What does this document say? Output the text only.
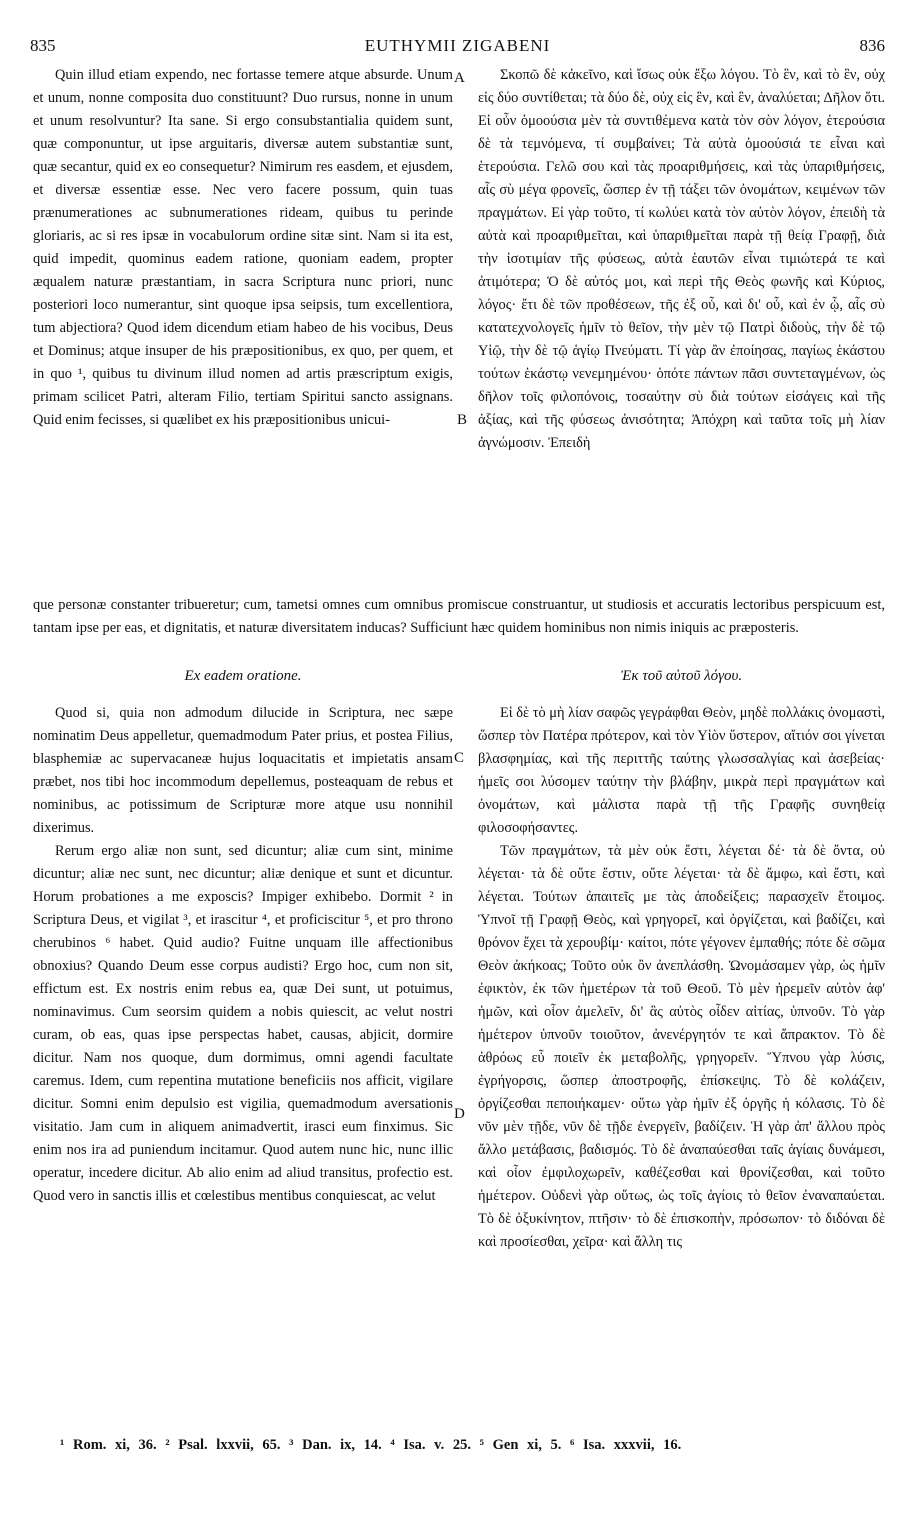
835	EUTHYMII ZIGABENI	836
A
B
C
D

Quin illud etiam expendo, nec fortasse temere atque absurde. Unum et unum, nonne composita duo constituunt? Duo rursus, nonne in unum et unum resolvuntur? Ita sane. Si ergo consubstantialia quidem sunt, quæ componuntur, ut ipse arguitaris, diversæ autem substantiæ sunt, quæ secantur, quid ex eo consequetur? Nimirum res easdem, et ejusdem, et diversæ essentiæ esse. Nec vero facere possum, quin tuas prænumerationes ac subnumerationes rideam, quibus tu perinde gloriaris, ac si res ipsæ in vocabulorum ordine sitæ sint. Nam si ita est, quid impedit, quominus eadem ratione, quoniam eadem, propter æqualem naturæ præstantiam, in sacra Scriptura nunc priori, nunc posteriori loco numerantur, sint quoque ipsa seipsis, tum excellentiora, tum abjectiora? Quod idem dicendum etiam habeo de his vocibus, Deus et Dominus; atque insuper de his præpositionibus, ex quo, per quem, et in quo ¹, quibus tu divinum illud nomen ad artis præscriptum exigis, primam scilicet Patri, alteram Filio, tertiam Spiritui sancto assignans. Quid enim fecisses, si quælibet ex his præpositionibus unicui-

Σκοπῶ δὲ κἀκεῖνο, καὶ ἴσως οὐκ ἔξω λόγου. Τὸ ἓν, καὶ τὸ ἓν, οὐχ εἰς δύο συντίθεται; τὰ δύο δὲ, οὐχ εἰς ἓν, καὶ ἓν, ἀναλύεται; Δῆλον ὅτι. Εἰ οὖν ὁμοούσια μὲν τὰ συντιθέμενα κατὰ τὸν σὸν λόγον, ἑτερούσια δὲ τὰ τεμνόμενα, τί συμβαίνει; Τὰ αὐτὰ ὁμοούσιά τε εἶναι καὶ ἑτερούσια. Γελῶ σου καὶ τὰς προαριθμήσεις, καὶ τὰς ὑπαριθμήσεις, αἷς σὺ μέγα φρονεῖς, ὥσπερ ἐν τῇ τάξει τῶν ὀνομάτων, κειμένων τῶν πραγμάτων. Εἰ γὰρ τοῦτο, τί κωλύει κατὰ τὸν αὐτὸν λόγον, ἐπειδὴ τὰ αὐτὰ καὶ προαριθμεῖται, καὶ ὑπαριθμεῖται παρὰ τῇ θείᾳ Γραφῇ, διὰ τὴν ἰσοτιμίαν τῆς φύσεως, αὐτὰ ἑαυτῶν εἶναι τιμιώτερά τε καὶ ἀτιμότερα; Ὁ δὲ αὐτός μοι, καὶ περὶ τῆς Θεὸς φωνῆς καὶ Κύριος, λόγος· ἔτι δὲ τῶν προθέσεων, τῆς ἐξ οὗ, καὶ δι' οὗ, καὶ ἐν ᾧ, αἷς σὺ κατατεχνολογεῖς ἡμῖν τὸ θεῖον, τὴν μὲν τῷ Πατρὶ διδοὺς, τὴν δὲ τῷ Υἱῷ, τὴν δὲ τῷ ἁγίῳ Πνεύματι. Τί γὰρ ἂν ἐποίησας, παγίως ἑκάστου τούτων ἑκάστῳ νενεμημένου· ὁπότε πάντων πᾶσι συντεταγμένων, ὡς δῆλον τοῖς φιλοπόνοις, τοσαύτην σὺ διὰ τούτων εἰσάγεις καὶ τῆς ἀξίας, καὶ τῆς φύσεως ἀνισότητα; Ἀπόχρη καὶ ταῦτα τοῖς μὴ λίαν ἀγνώμοσιν. Ἐπειδὴ

que personæ constanter tribueretur; cum, tametsi omnes cum omnibus promiscue construantur, ut studiosis et accuratis lectoribus perspicuum est, tantam ipse per eas, et dignitatis, et naturæ diversitatem inducas? Sufficiunt hæc quidem hominibus non nimis iniquis ac præposteris.
Ex eadem oratione.	Ἐκ τοῦ αὐτοῦ λόγου.

Quod si, quia non admodum dilucide in Scriptura, nec sæpe nominatim Deus appelletur, quemadmodum Pater prius, et postea Filius, blasphemiæ ac supervacaneæ hujus loquacitatis et impietatis ansam præbet, nos tibi hoc incommodum depellemus, posteaquam de rebus et nominibus, ac potissimum de Scripturæ more atque usu nonnihil dixerimus.

Rerum ergo aliæ non sunt, sed dicuntur; aliæ cum sint, minime dicuntur; aliæ nec sunt, nec dicuntur; aliæ denique et sunt et dicuntur. Horum probationes a me exposcis? Impiger exhibebo. Dormit ² in Scriptura Deus, et vigilat ³, et irascitur ⁴, et proficiscitur ⁵, et pro throno cherubinos ⁶ habet. Quid audio? Fuitne unquam ille affectionibus obnoxius? Quando Deum esse corpus audisti? Ergo hoc, cum non sit, effictum est. Ex nostris enim rebus ea, quæ Dei sunt, ut potuimus, nominavimus. Cum seorsim quidem a nobis quiescit, ac velut nostri curam, ob eas, quas ipse perspectas habet, causas, abjicit, dormire dicitur. Nam nos quoque, dum dormimus, omni agendi facultate caremus. Idem, cum repentina mutatione beneficiis nos afficit, vigilare dicitur. Somni enim depulsio est vigilia, quemadmodum aversationis visitatio. Jam cum in aliquem animadvertit, irasci eum finximus. Sic enim nos ira ad puniendum incitamur. Quod autem nunc hic, nunc illic operatur, incedere dicitur. Ab alio enim ad aliud transitus, profectio est. Quod vero in sanctis illis et cœlestibus mentibus conquiescat, ac velut

Εἰ δὲ τὸ μὴ λίαν σαφῶς γεγράφθαι Θεὸν, μηδὲ πολλάκις ὀνομαστὶ, ὥσπερ τὸν Πατέρα πρότερον, καὶ τὸν Υἱὸν ὕστερον, αἴτιόν σοι γίνεται βλασφημίας, καὶ τῆς περιττῆς ταύτης γλωσσαλγίας καὶ ἀσεβείας· ἡμεῖς σοι λύσομεν ταύτην τὴν βλάβην, μικρὰ περὶ πραγμάτων καὶ ὀνομάτων, καὶ μάλιστα παρὰ τῇ τῆς Γραφῆς συνηθείᾳ φιλοσοφήσαντες.

Τῶν πραγμάτων, τὰ μὲν οὐκ ἔστι, λέγεται δέ· τὰ δὲ ὄντα, οὐ λέγεται· τὰ δὲ οὔτε ἔστιν, οὔτε λέγεται· τὰ δὲ ἄμφω, καὶ ἔστι, καὶ λέγεται. Τούτων ἀπαιτεῖς με τὰς ἀποδείξεις; παρασχεῖν ἕτοιμος. Ὑπνοῖ τῇ Γραφῇ Θεὸς, καὶ γρηγορεῖ, καὶ ὀργίζεται, καὶ βαδίζει, καὶ θρόνον ἔχει τὰ χερουβίμ· καίτοι, πότε γέγονεν ἐμπαθής; πότε δὲ σῶμα Θεὸν ἀκήκοας; Τοῦτο οὐκ ὂν ἀνεπλάσθη. Ὠνομάσαμεν γὰρ, ὡς ἡμῖν ἐφικτὸν, ἐκ τῶν ἡμετέρων τὰ τοῦ Θεοῦ. Τὸ μὲν ἠρεμεῖν αὐτὸν ἀφ' ἡμῶν, καὶ οἷον ἀμελεῖν, δι' ἃς αὐτὸς οἶδεν αἰτίας, ὑπνοῦν. Τὸ γὰρ ἡμέτερον ὑπνοῦν τοιοῦτον, ἀνενέργητόν τε καὶ ἄπρακτον. Τὸ δὲ ἀθρόως εὖ ποιεῖν ἐκ μεταβολῆς, γρηγορεῖν. Ὕπνου γὰρ λύσις, ἐγρήγορσις, ὥσπερ ἀποστροφῆς, ἐπίσκεψις. Τὸ δὲ κολάζειν, ὀργίζεσθαι πεποιήκαμεν· οὕτω γὰρ ἡμῖν ἐξ ὀργῆς ἡ κόλασις. Τὸ δὲ νῦν μὲν τῇδε, νῦν δὲ τῇδε ἐνεργεῖν, βαδίζειν. Ἡ γὰρ ἀπ' ἄλλου πρὸς ἄλλο μετάβασις, βαδισμός. Τὸ δὲ ἀναπαύεσθαι ταῖς ἁγίαις δυνάμεσι, καὶ οἷον ἐμφιλοχωρεῖν, καθέζεσθαι καὶ θρονίζεσθαι, καὶ τοῦτο ἡμέτερον. Οὐδενὶ γὰρ οὕτως, ὡς τοῖς ἁγίοις τὸ θεῖον ἐναναπαύεται. Τὸ δὲ ὀξυκίνητον, πτῆσιν· τὸ δὲ ἐπισκοπὴν, πρόσωπον· τὸ διδόναι δὲ καὶ προσίεσθαι, χεῖρα· καὶ ἄλλη τις

¹ Rom. xi, 36. ² Psal. lxxvii, 65. ³ Dan. ix, 14. ⁴ Isa. v. 25. ⁵ Gen xi, 5. ⁶ Isa. xxxvii, 16.
